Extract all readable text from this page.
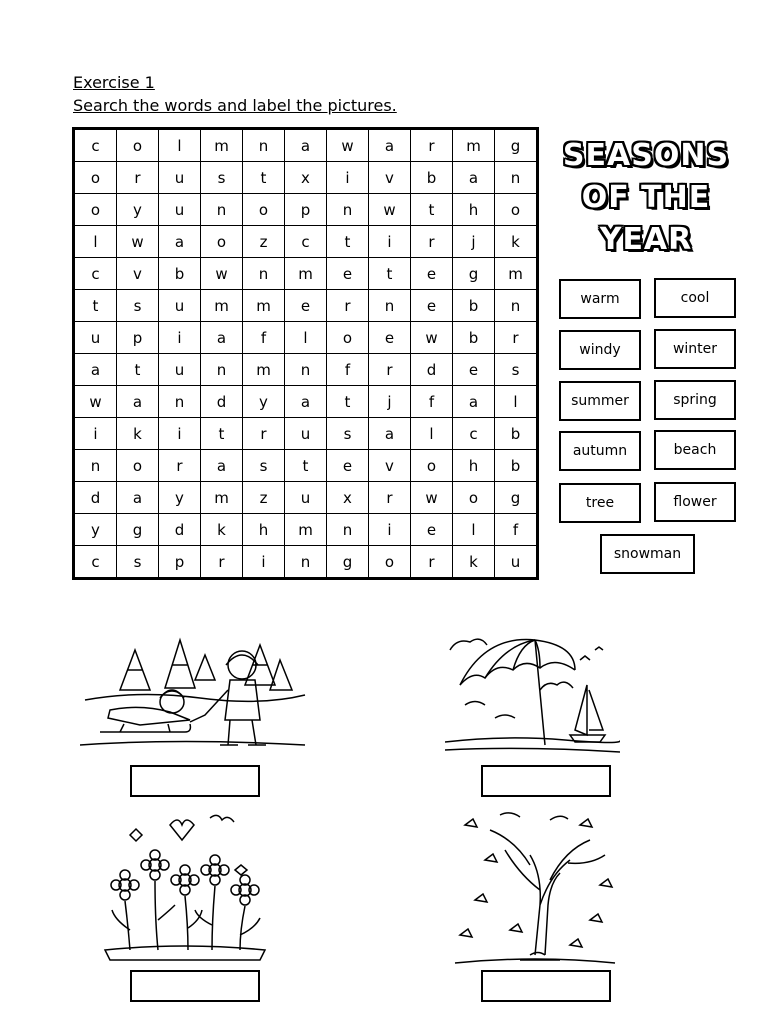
Exercise 1
Search the words and label the pictures.
c	o	l	m	n	a	w	a	r	m	g
o	r	u	s	t	x	i	v	b	a	n
o	y	u	n	o	p	n	w	t	h	o
l	w	a	o	z	c	t	i	r	j	k
c	v	b	w	n	m	e	t	e	g	m
t	s	u	m	m	e	r	n	e	b	n
u	p	i	a	f	l	o	e	w	b	r
a	t	u	n	m	n	f	r	d	e	s
w	a	n	d	y	a	t	j	f	a	l
i	k	i	t	r	u	s	a	l	c	b
n	o	r	a	s	t	e	v	o	h	b
d	a	y	m	z	u	x	r	w	o	g
y	g	d	k	h	m	n	i	e	l	f
c	s	p	r	i	n	g	o	r	k	u
SEASONS
OF THE
YEAR
warm	cool
windy	winter
summer	spring
autumn	beach
tree	flower
snowman
